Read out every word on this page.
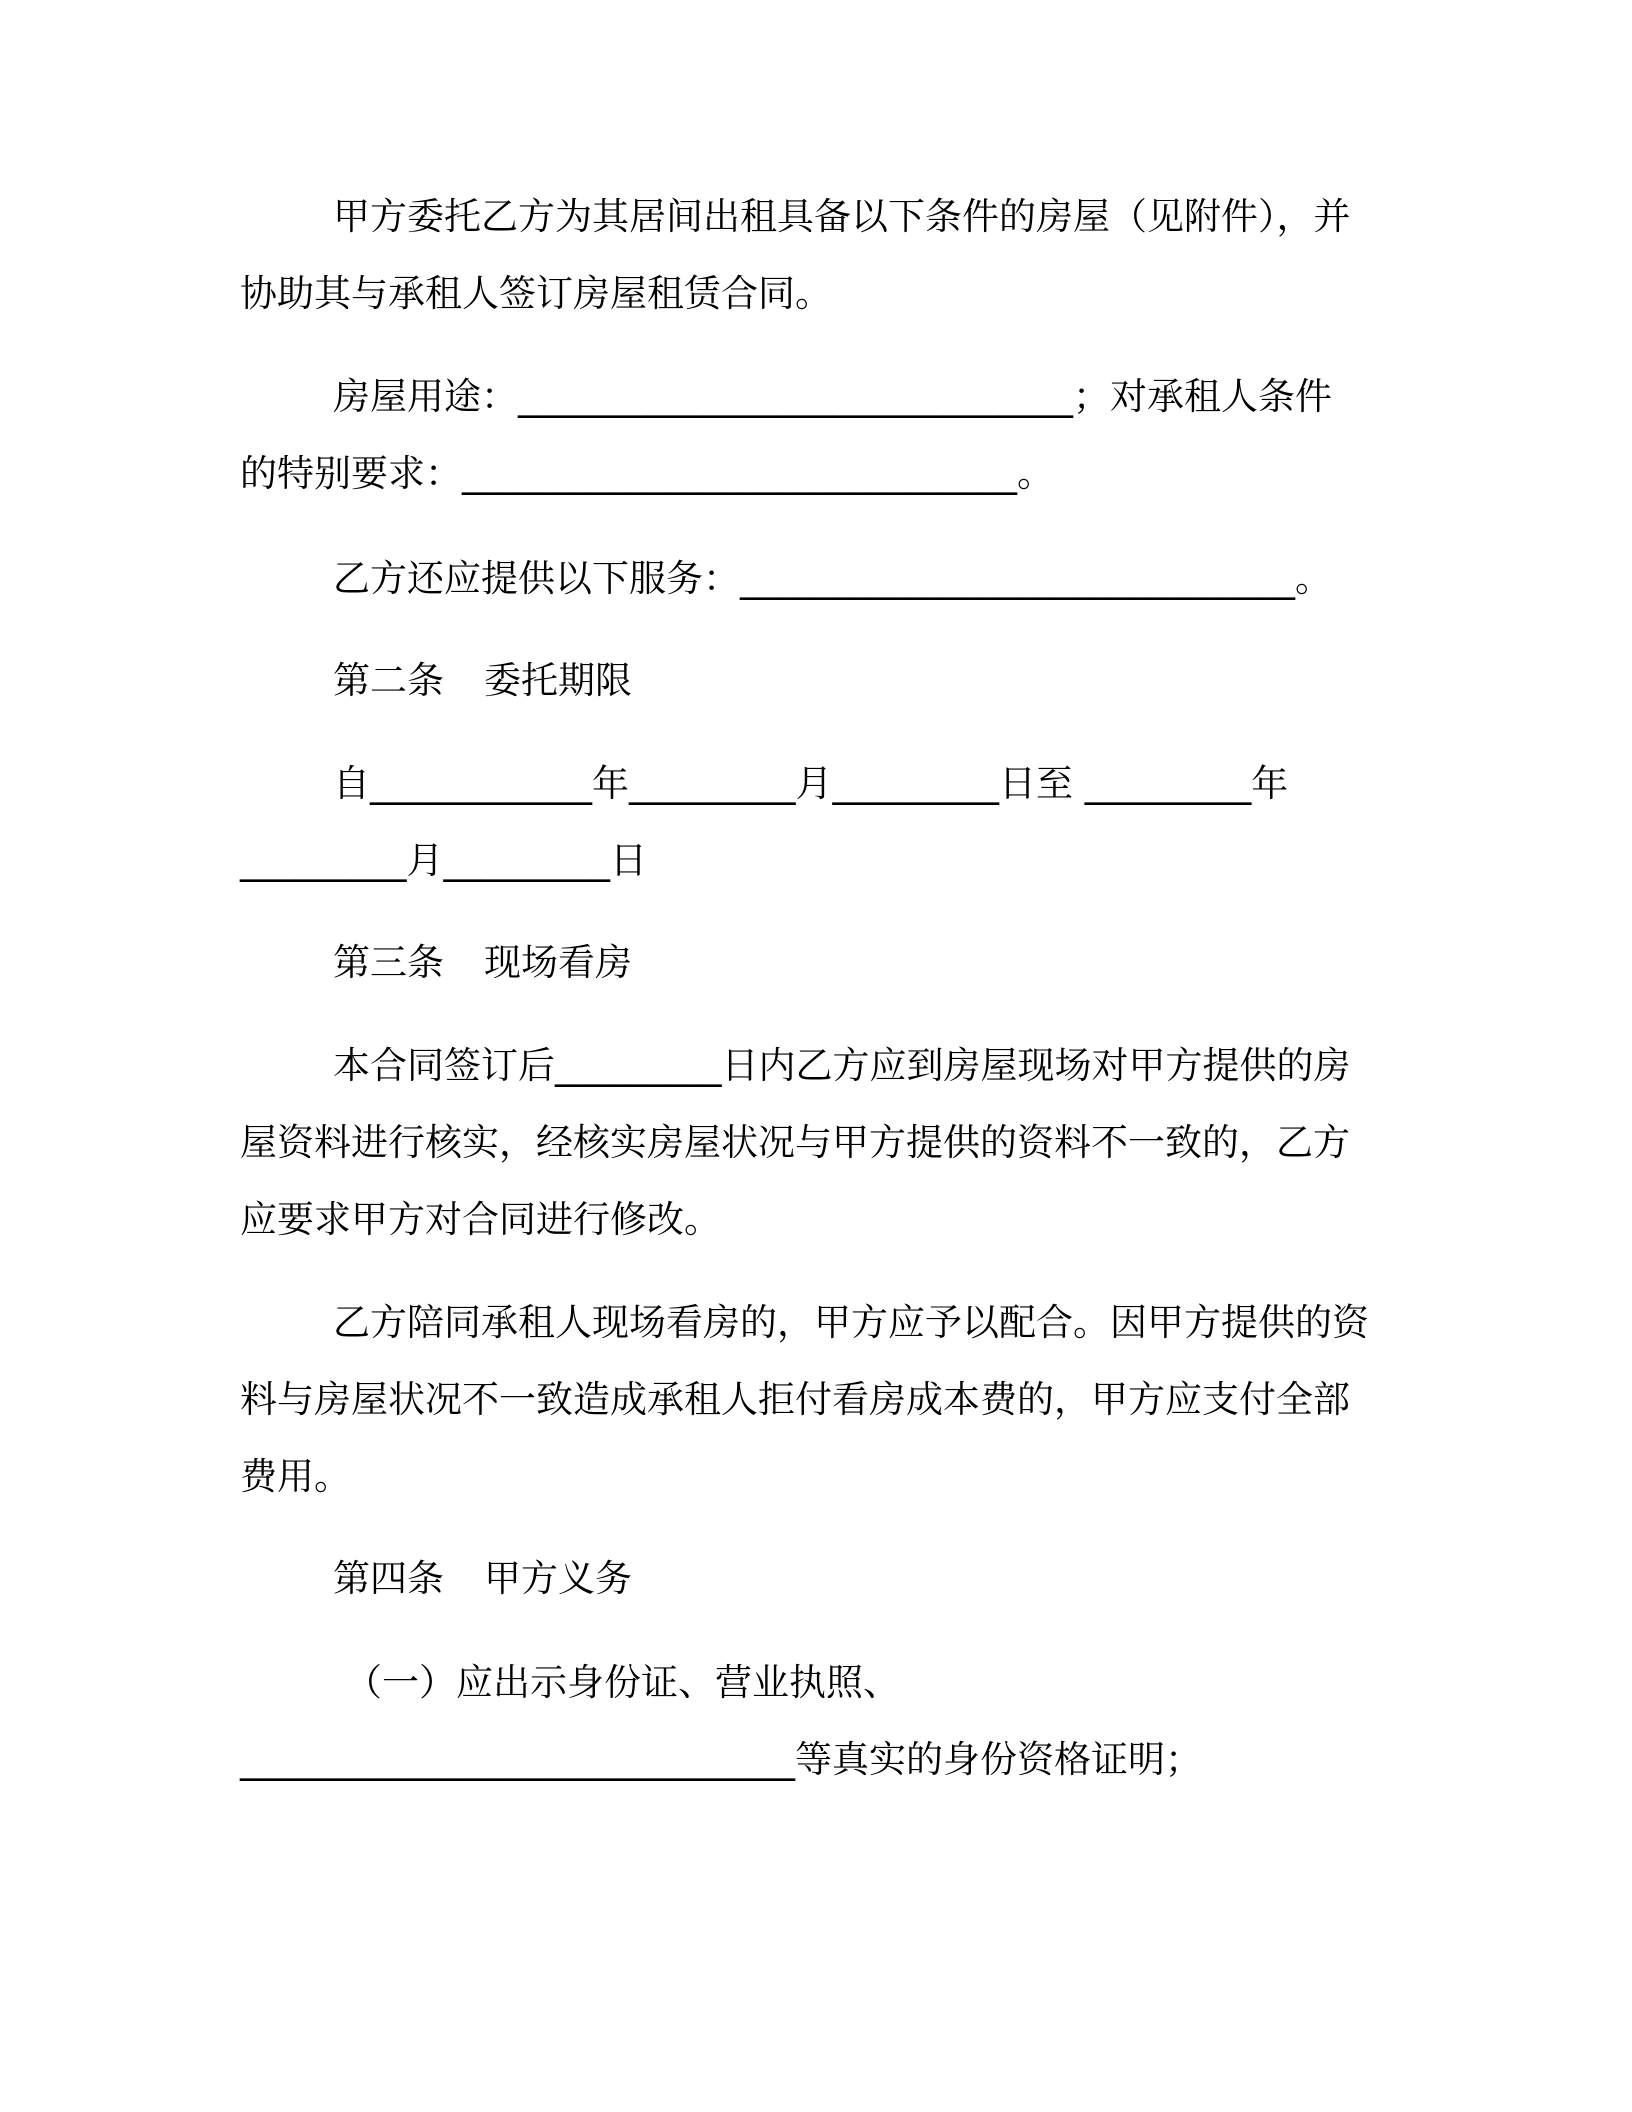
甲方委托乙方为其居间出租具备以下条件的房屋（见附件），并

协助其与承租人签订房屋租赁合同。

房屋用途：______________________________；对承租人条件

的特别要求：______________________________。

乙方还应提供以下服务：______________________________。

第二条 委托期限

自____________年_________月_________日至 _________年

_________月_________日

第三条 现场看房

本合同签订后_________日内乙方应到房屋现场对甲方提供的房

屋资料进行核实，经核实房屋状况与甲方提供的资料不一致的，乙方

应要求甲方对合同进行修改。

乙方陪同承租人现场看房的，甲方应予以配合。因甲方提供的资

料与房屋状况不一致造成承租人拒付看房成本费的，甲方应支付全部

费用。

第四条 甲方义务

（一）应出示身份证、营业执照、

______________________________等真实的身份资格证明；
